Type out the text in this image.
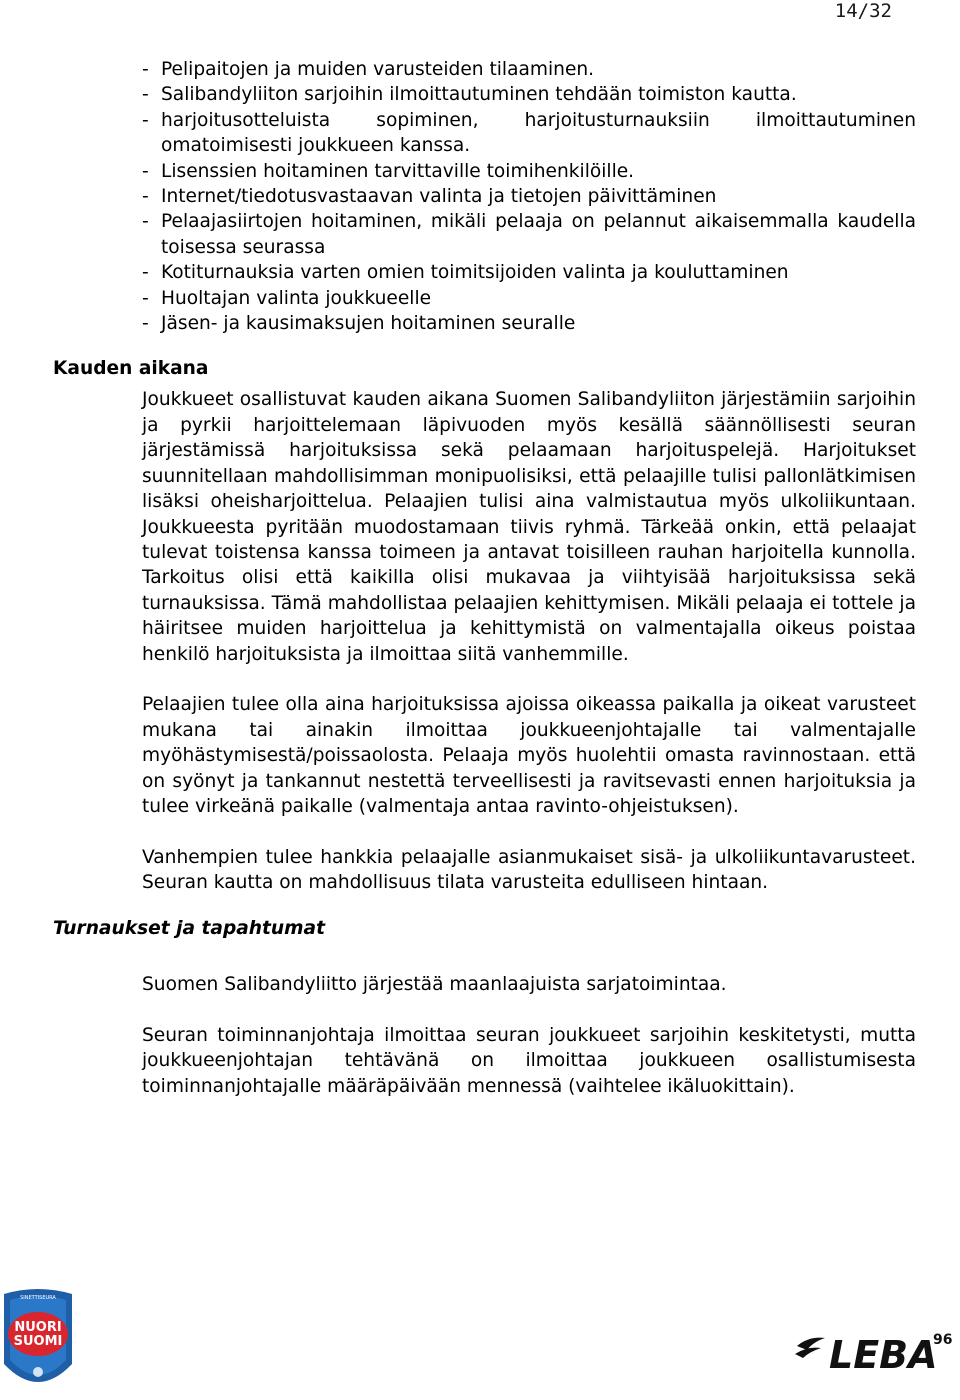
14/32
- Pelipaitojen ja muiden varusteiden tilaaminen.
- Salibandyliiton sarjoihin ilmoittautuminen tehdään toimiston kautta.
- harjoitusotteluista sopiminen, harjoitusturnauksiin ilmoittautuminen omatoimisesti joukkueen kanssa.
- Lisenssien hoitaminen tarvittaville toimihenkilöille.
- Internet/tiedotusvastaavan valinta ja tietojen päivittäminen
- Pelaajasiirtojen hoitaminen, mikäli pelaaja on pelannut aikaisemmalla kaudella toisessa seurassa
- Kotiturnauksia varten omien toimitsijoiden valinta ja kouluttaminen
- Huoltajan valinta joukkueelle
- Jäsen- ja kausimaksujen hoitaminen seuralle
Kauden aikana

Joukkueet osallistuvat kauden aikana Suomen Salibandyliiton järjestämiin sarjoihin ja pyrkii harjoittelemaan läpivuoden myös kesällä säännöllisesti seuran järjestämissä harjoituksissa sekä pelaamaan harjoituspelejä. Harjoitukset suunnitellaan mahdollisimman monipuolisiksi, että pelaajille tulisi pallonlätkimisen lisäksi oheisharjoittelua. Pelaajien tulisi aina valmistautua myös ulkoliikuntaan. Joukkueesta pyritään muodostamaan tiivis ryhmä. Tärkeää onkin, että pelaajat tulevat toistensa kanssa toimeen ja antavat toisilleen rauhan harjoitella kunnolla. Tarkoitus olisi että kaikilla olisi mukavaa ja viihtyisää harjoituksissa sekä turnauksissa. Tämä mahdollistaa pelaajien kehittymisen. Mikäli pelaaja ei tottele ja häiritsee muiden harjoittelua ja kehittymistä on valmentajalla oikeus poistaa henkilö harjoituksista ja ilmoittaa siitä vanhemmille.

Pelaajien tulee olla aina harjoituksissa ajoissa oikeassa paikalla ja oikeat varusteet mukana tai ainakin ilmoittaa joukkueenjohtajalle tai valmentajalle myöhästymisestä/poissaolosta. Pelaaja myös huolehtii omasta ravinnostaan. että on syönyt ja tankannut nestettä terveellisesti ja ravitsevasti ennen harjoituksia ja tulee virkeänä paikalle (valmentaja antaa ravinto-ohjeistuksen).

Vanhempien tulee hankkia pelaajalle asianmukaiset sisä- ja ulkoliikuntavarusteet. Seuran kautta on mahdollisuus tilata varusteita edulliseen hintaan.

Turnaukset ja tapahtumat

Suomen Salibandyliitto järjestää maanlaajuista sarjatoimintaa.

Seuran toiminnanjohtaja ilmoittaa seuran joukkueet sarjoihin keskitetysti, mutta joukkueenjohtajan tehtävänä on ilmoittaa joukkueen osallistumisesta toiminnanjohtajalle määräpäivään mennessä (vaihtelee ikäluokittain).

SINETTISEURA
NUORI
SUOMI	LEBA
96
